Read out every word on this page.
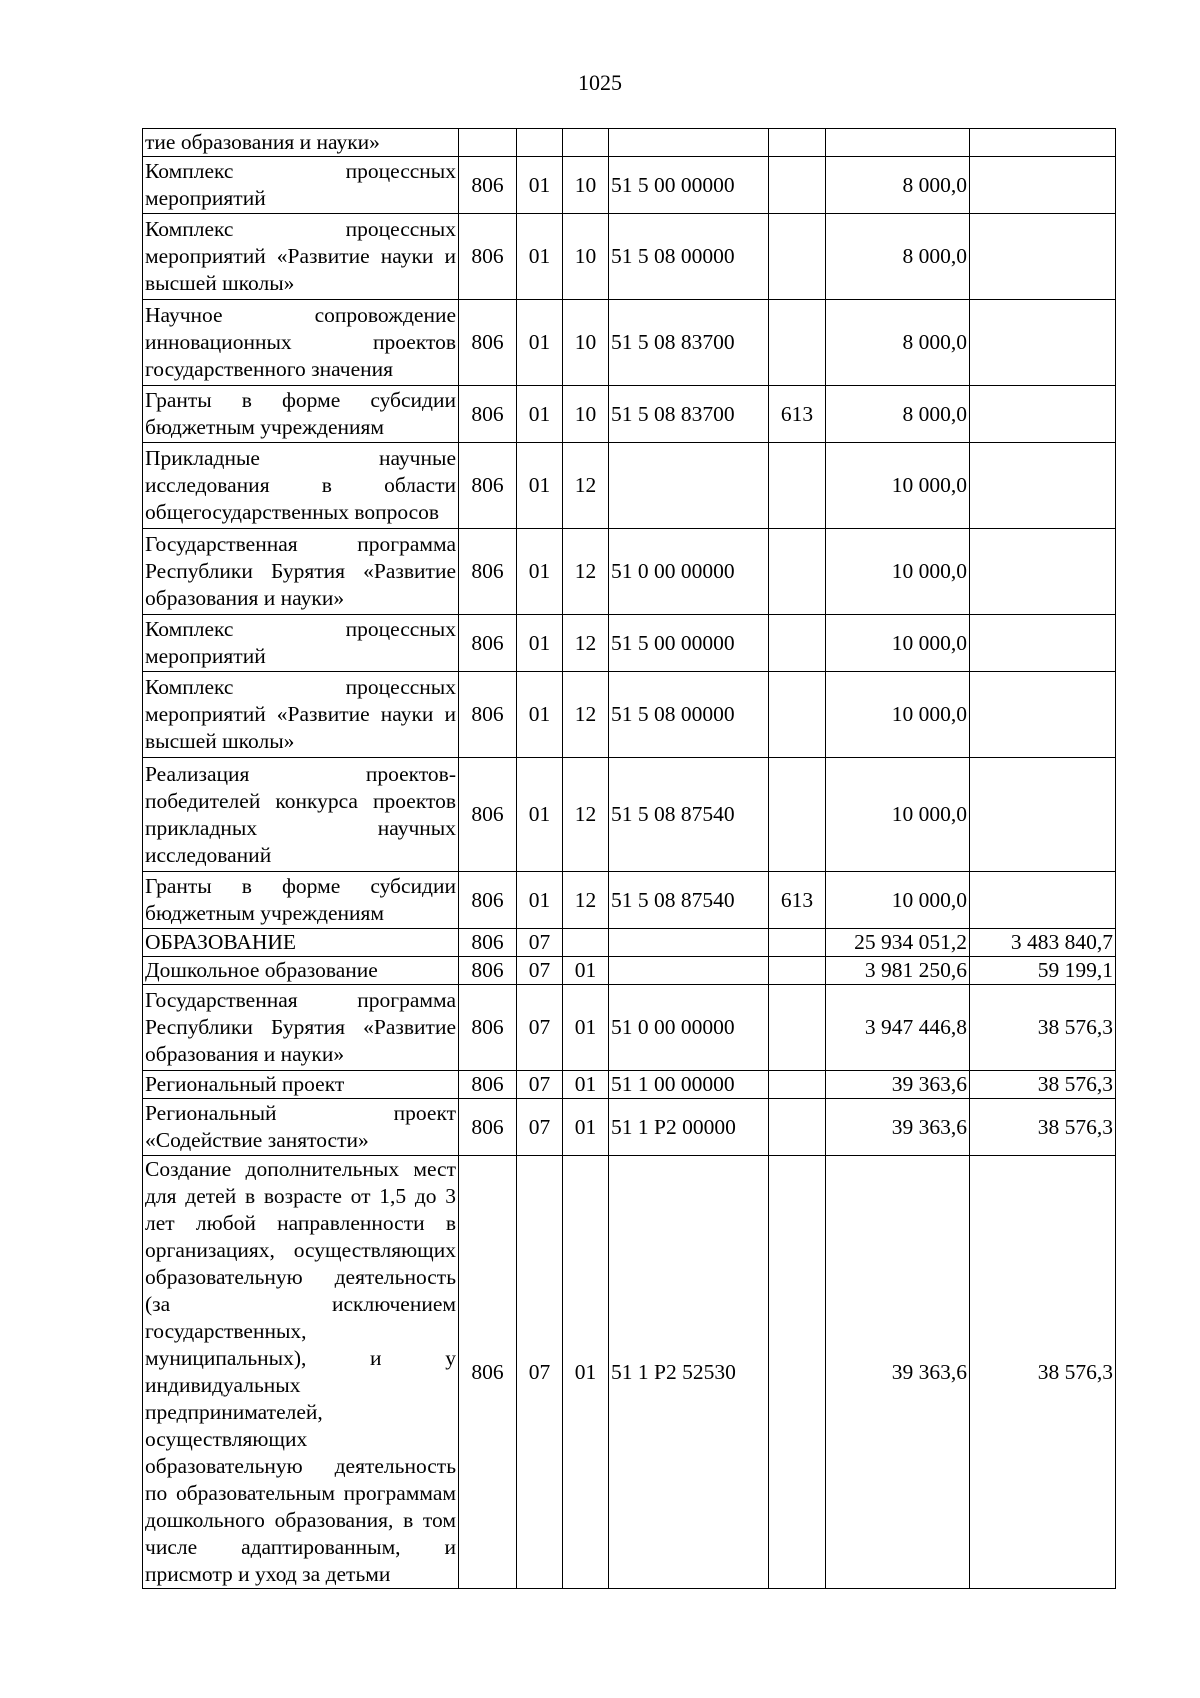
1025
тие образования и науки»							
Комплекс процессных мероприятий	806	01	10	51 5 00 00000		8 000,0	
Комплекс процессных мероприятий «Развитие науки и высшей школы»	806	01	10	51 5 08 00000		8 000,0	
Научное сопровождение инновационных проектов государственного значения	806	01	10	51 5 08 83700		8 000,0	
Гранты в форме субсидии бюджетным учреждениям	806	01	10	51 5 08 83700	613	8 000,0	
Прикладные научные исследования в области общегосударственных вопросов	806	01	12			10 000,0	
Государственная программа Республики Бурятия «Развитие образования и науки»	806	01	12	51 0 00 00000		10 000,0	
Комплекс процессных мероприятий	806	01	12	51 5 00 00000		10 000,0	
Комплекс процессных мероприятий «Развитие науки и высшей школы»	806	01	12	51 5 08 00000		10 000,0	
Реализация проектов-победителей конкурса проектов прикладных научных исследований	806	01	12	51 5 08 87540		10 000,0	
Гранты в форме субсидии бюджетным учреждениям	806	01	12	51 5 08 87540	613	10 000,0	
ОБРАЗОВАНИЕ	806	07				25 934 051,2	3 483 840,7
Дошкольное образование	806	07	01			3 981 250,6	59 199,1
Государственная программа Республики Бурятия «Развитие образования и науки»	806	07	01	51 0 00 00000		3 947 446,8	38 576,3
Региональный проект	806	07	01	51 1 00 00000		39 363,6	38 576,3
Региональный проект «Содействие занятости»	806	07	01	51 1 Р2 00000		39 363,6	38 576,3
Создание дополнительных мест для детей в возрасте от 1,5 до 3 лет любой направленности в организациях, осуществляющих образовательную деятельность (за исключением государственных, муниципальных), и у индивидуальных предпринимателей, осуществляющих образовательную деятельность по образовательным программам дошкольного образования, в том числе адаптированным, и присмотр и уход за детьми	806	07	01	51 1 Р2 52530		39 363,6	38 576,3
